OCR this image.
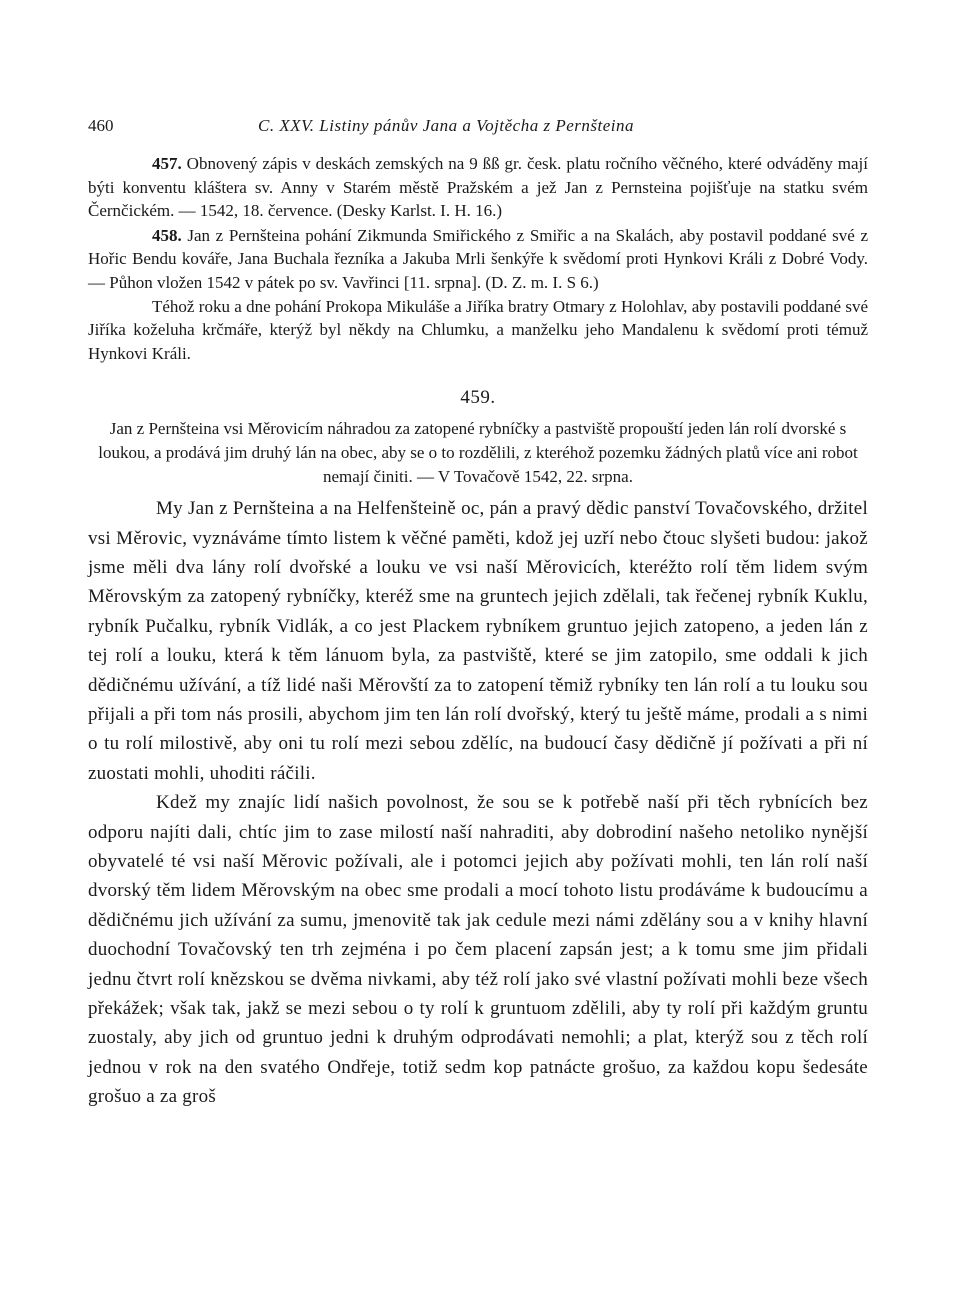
460	C. XXV. Listiny pánův Jana a Vojtěcha z Pernšteina

457. Obnovený zápis v deskách zemských na 9 ßß gr. česk. platu ročního věčného, které odváděny mají býti konventu kláštera sv. Anny v Starém městě Pražském a jež Jan z Pernsteina pojišťuje na statku svém Černčickém. — 1542, 18. července. (Desky Karlst. I. H. 16.)

458. Jan z Pernšteina pohání Zikmunda Smiřického z Smiřic a na Skalách, aby postavil poddané své z Hořic Bendu kováře, Jana Buchala řezníka a Jakuba Mrli šenkýře k svědomí proti Hynkovi Králi z Dobré Vody. — Půhon vložen 1542 v pátek po sv. Vavřinci [11. srpna]. (D. Z. m. I. S 6.)

Téhož roku a dne pohání Prokopa Mikuláše a Jiříka bratry Otmary z Holohlav, aby postavili poddané své Jiříka koželuha krčmáře, kterýž byl někdy na Chlumku, a manželku jeho Mandalenu k svědomí proti témuž Hynkovi Králi.

459.
Jan z Pernšteina vsi Měrovicím náhradou za zatopené rybníčky a pastviště propouští jeden lán rolí dvorské s loukou, a prodává jim druhý lán na obec, aby se o to rozdělili, z kteréhož pozemku žádných platů více ani robot nemají činiti. — V Tovačově 1542, 22. srpna.

My Jan z Pernšteina a na Helfenšteině oc, pán a pravý dědic panství Tovačovského, držitel vsi Měrovic, vyznáváme tímto listem k věčné paměti, kdož jej uzří nebo čtouc slyšeti budou: jakož jsme měli dva lány rolí dvořské a louku ve vsi naší Měrovicích, kteréžto rolí těm lidem svým Měrovským za zatopený rybníčky, kteréž sme na gruntech jejich zdělali, tak řečenej rybník Kuklu, rybník Pučalku, rybník Vidlák, a co jest Plackem rybníkem gruntuo jejich zatopeno, a jeden lán z tej rolí a louku, která k těm lánuom byla, za pastviště, které se jim zatopilo, sme oddali k jich dědičnému užívání, a tíž lidé naši Měrovští za to zatopení těmiž rybníky ten lán rolí a tu louku sou přijali a při tom nás prosili, abychom jim ten lán rolí dvořský, který tu ještě máme, prodali a s nimi o tu rolí milostivě, aby oni tu rolí mezi sebou zdělíc, na budoucí časy dědičně jí požívati a při ní zuostati mohli, uhoditi ráčili.

Kdež my znajíc lidí našich povolnost, že sou se k potřebě naší při těch rybnících bez odporu najíti dali, chtíc jim to zase milostí naší nahraditi, aby dobrodiní našeho netoliko nynější obyvatelé té vsi naší Měrovic požívali, ale i potomci jejich aby požívati mohli, ten lán rolí naší dvorský těm lidem Měrovským na obec sme prodali a mocí tohoto listu prodáváme k budoucímu a dědičnému jich užívání za sumu, jmenovitě tak jak cedule mezi námi zdělány sou a v knihy hlavní duochodní Tovačovský ten trh zejména i po čem placení zapsán jest; a k tomu sme jim přidali jednu čtvrt rolí knězskou se dvěma nivkami, aby též rolí jako své vlastní požívati mohli beze všech překážek; však tak, jakž se mezi sebou o ty rolí k gruntuom zdělili, aby ty rolí při každým gruntu zuostaly, aby jich od gruntuo jedni k druhým odprodávati nemohli; a plat, kterýž sou z těch rolí jednou v rok na den svatého Ondřeje, totiž sedm kop patnácte grošuo, za každou kopu šedesáte grošuo a za groš
